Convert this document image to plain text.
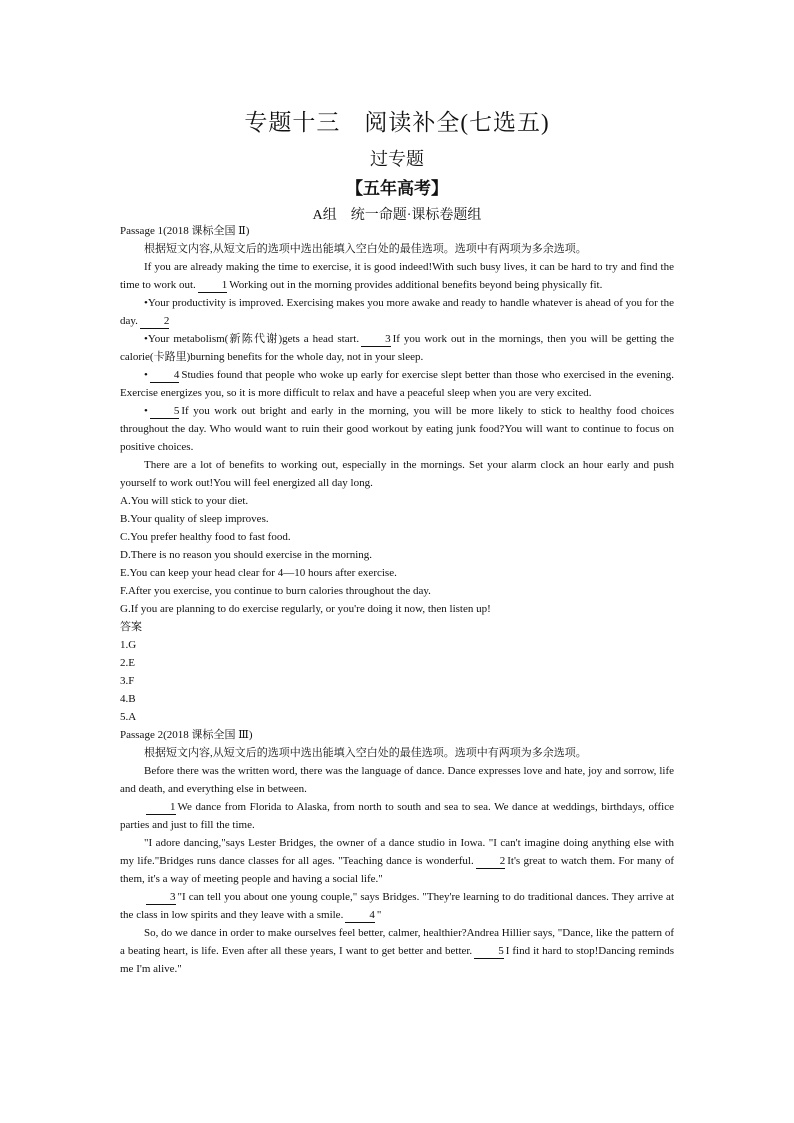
专题十三　阅读补全(七选五)
过专题
【五年高考】
A组　统一命题·课标卷题组

Passage 1(2018 课标全国 Ⅱ)

根据短文内容,从短文后的选项中选出能填入空白处的最佳选项。选项中有两项为多余选项。

If you are already making the time to exercise, it is good indeed!With such busy lives, it can be hard to try and find the time to work out. 1 Working out in the morning provides additional benefits beyond being physically fit.

•Your productivity is improved. Exercising makes you more awake and ready to handle whatever is ahead of you for the day. 2

•Your metabolism(新陈代谢)gets a head start. 3 If you work out in the mornings, then you will be getting the calorie(卡路里)burning benefits for the whole day, not in your sleep.

• 4 Studies found that people who woke up early for exercise slept better than those who exercised in the evening. Exercise energizes you, so it is more difficult to relax and have a peaceful sleep when you are very excited.

• 5 If you work out bright and early in the morning, you will be more likely to stick to healthy food choices throughout the day. Who would want to ruin their good workout by eating junk food?You will want to continue to focus on positive choices.

There are a lot of benefits to working out, especially in the mornings. Set your alarm clock an hour early and push yourself to work out!You will feel energized all day long.

A.You will stick to your diet.

B.Your quality of sleep improves.

C.You prefer healthy food to fast food.

D.There is no reason you should exercise in the morning.

E.You can keep your head clear for 4—10 hours after exercise.

F.After you exercise, you continue to burn calories throughout the day.

G.If you are planning to do exercise regularly, or you're doing it now, then listen up!

答案

1.G

2.E

3.F

4.B

5.A

Passage 2(2018 课标全国 Ⅲ)

根据短文内容,从短文后的选项中选出能填入空白处的最佳选项。选项中有两项为多余选项。

Before there was the written word, there was the language of dance. Dance expresses love and hate, joy and sorrow, life and death, and everything else in between.

1 We dance from Florida to Alaska, from north to south and sea to sea. We dance at weddings, birthdays, office parties and just to fill the time.

"I adore dancing,"says Lester Bridges, the owner of a dance studio in Iowa. "I can't imagine doing anything else with my life."Bridges runs dance classes for all ages. "Teaching dance is wonderful. 2 It's great to watch them. For many of them, it's a way of meeting people and having a social life."

3 "I can tell you about one young couple," says Bridges. "They're learning to do traditional dances. They arrive at the class in low spirits and they leave with a smile. 4 "

So, do we dance in order to make ourselves feel better, calmer, healthier?Andrea Hillier says, "Dance, like the pattern of a beating heart, is life. Even after all these years, I want to get better and better. 5 I find it hard to stop!Dancing reminds me I'm alive."
